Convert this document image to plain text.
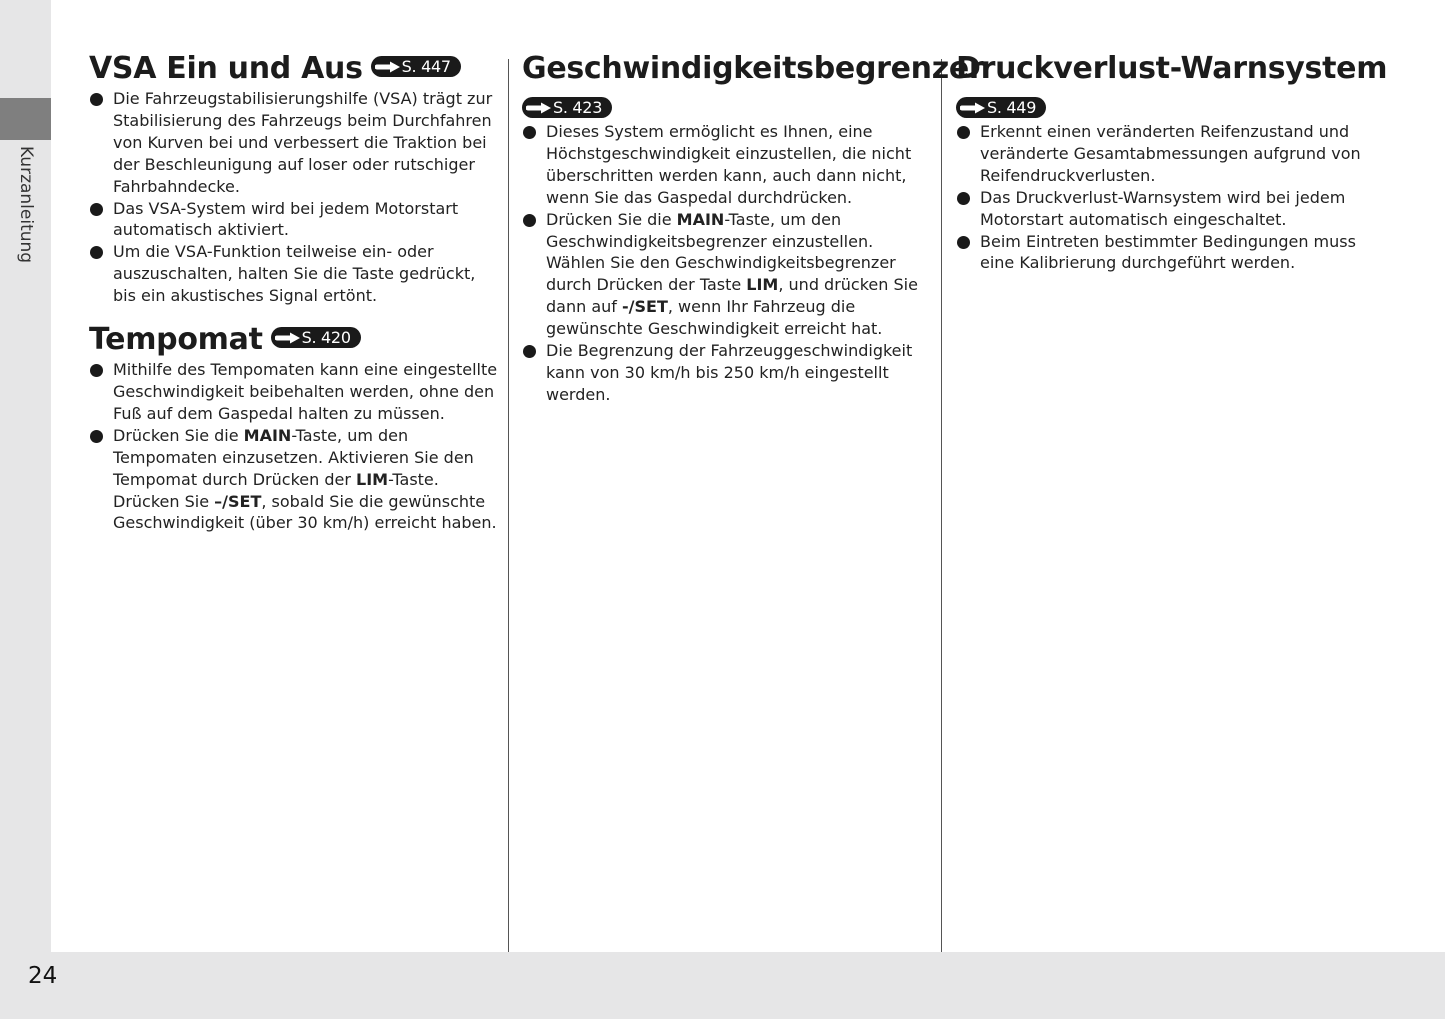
Kurzanleitung
VSA Ein und Aus S. 447
Die Fahrzeugstabilisierungshilfe (VSA) trägt zur Stabilisierung des Fahrzeugs beim Durchfahren von Kurven bei und verbessert die Traktion bei der Beschleunigung auf loser oder rutschiger Fahrbahndecke.
Das VSA-System wird bei jedem Motorstart automatisch aktiviert.
Um die VSA-Funktion teilweise ein- oder auszuschalten, halten Sie die Taste gedrückt, bis ein akustisches Signal ertönt.
Tempomat S. 420
Mithilfe des Tempomaten kann eine eingestellte Geschwindigkeit beibehalten werden, ohne den Fuß auf dem Gaspedal halten zu müssen.
Drücken Sie die MAIN-Taste, um den Tempomaten einzusetzen. Aktivieren Sie den Tempomat durch Drücken der LIM-Taste. Drücken Sie –/SET, sobald Sie die gewünschte Geschwindigkeit (über 30 km/h) erreicht haben.
Geschwindigkeitsbegrenzer
S. 423
Dieses System ermöglicht es Ihnen, eine Höchstgeschwindigkeit einzustellen, die nicht überschritten werden kann, auch dann nicht, wenn Sie das Gaspedal durchdrücken.
Drücken Sie die MAIN-Taste, um den Geschwindigkeitsbegrenzer einzustellen. Wählen Sie den Geschwindigkeitsbegrenzer durch Drücken der Taste LIM, und drücken Sie dann auf -/SET, wenn Ihr Fahrzeug die gewünschte Geschwindigkeit erreicht hat.
Die Begrenzung der Fahrzeuggeschwindigkeit kann von 30 km/h bis 250 km/h eingestellt werden.
Druckverlust-Warnsystem
S. 449
Erkennt einen veränderten Reifenzustand und veränderte Gesamtabmessungen aufgrund von Reifendruckverlusten.
Das Druckverlust-Warnsystem wird bei jedem Motorstart automatisch eingeschaltet.
Beim Eintreten bestimmter Bedingungen muss eine Kalibrierung durchgeführt werden.
24
